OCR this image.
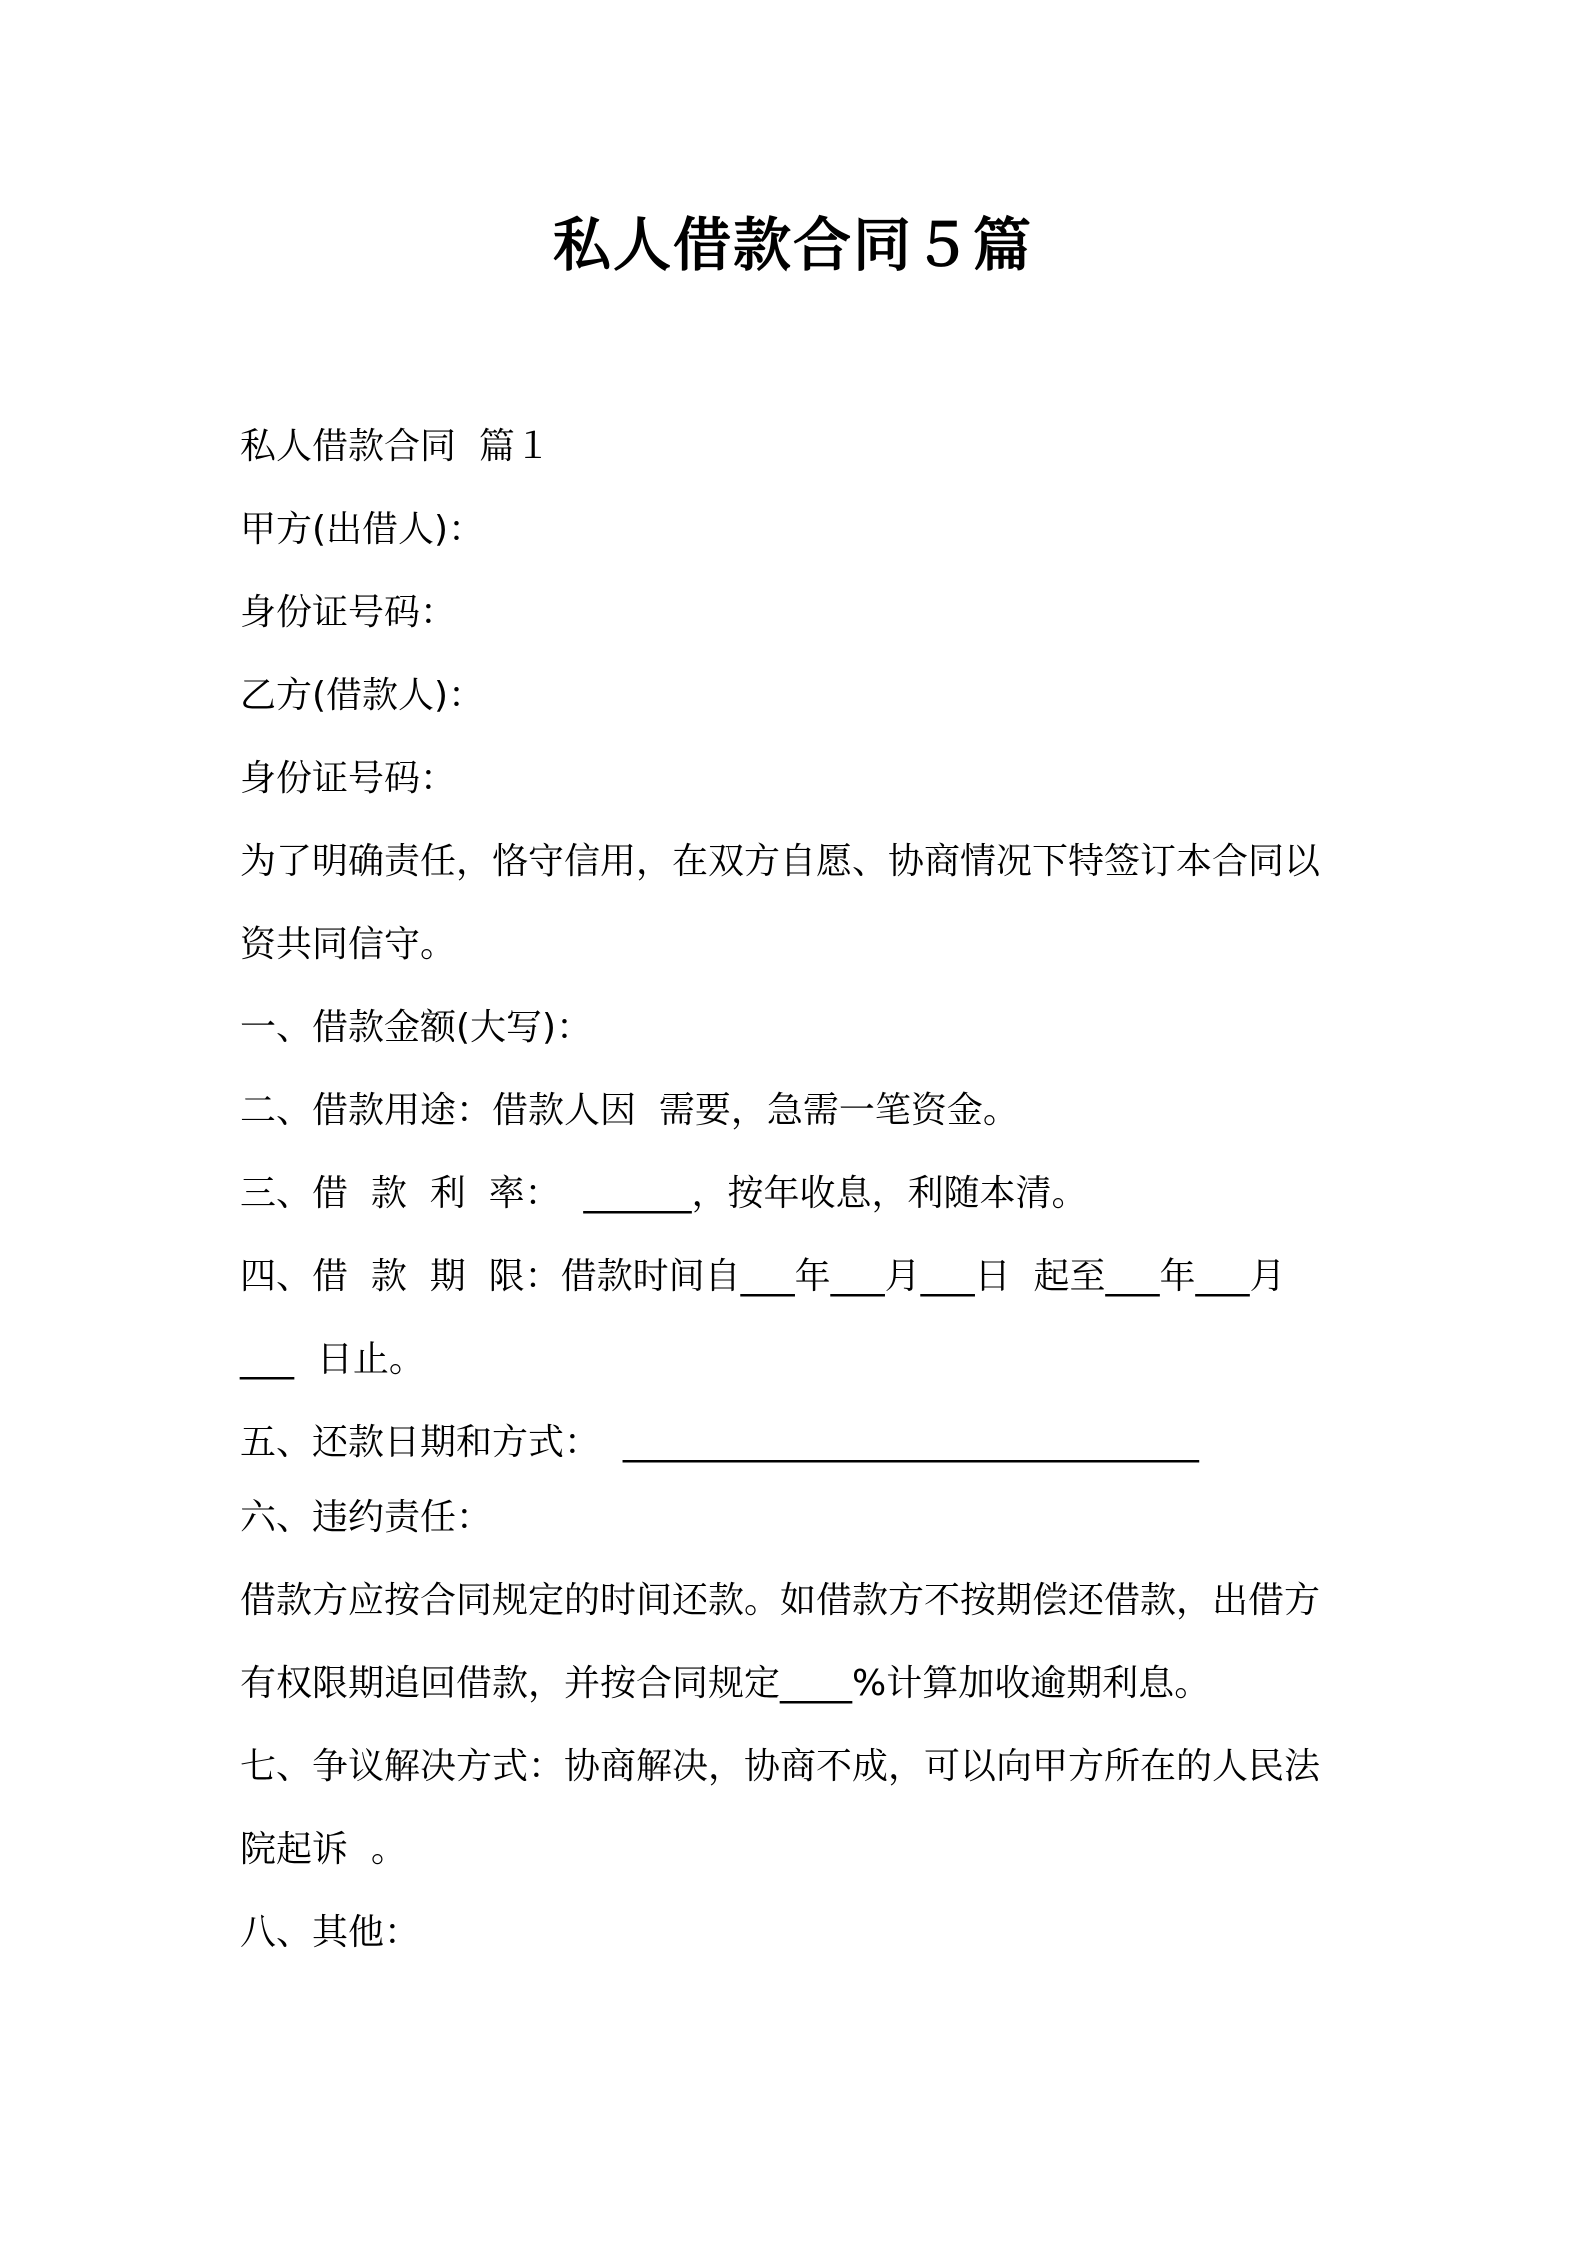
私人借款合同５篇
私人借款合同  篇１
甲方(出借人)：
身份证号码：
乙方(借款人)：
身份证号码：
为了明确责任，恪守信用，在双方自愿、协商情况下特签订本合同以
资共同信守。
一、借款金额(大写)：
二、借款用途：借款人因  需要，急需一笔资金。
三、借  款  利  率：  ______，按年收息，利随本清。
四、借  款  期  限：借款时间自___年___月___日  起至___年___月
___  日止。
五、还款日期和方式：  ________________________________
六、违约责任：
借款方应按合同规定的时间还款。如借款方不按期偿还借款，出借方
有权限期追回借款，并按合同规定____%计算加收逾期利息。
七、争议解决方式：协商解决，协商不成，可以向甲方所在的人民法
院起诉  。
八、其他：
